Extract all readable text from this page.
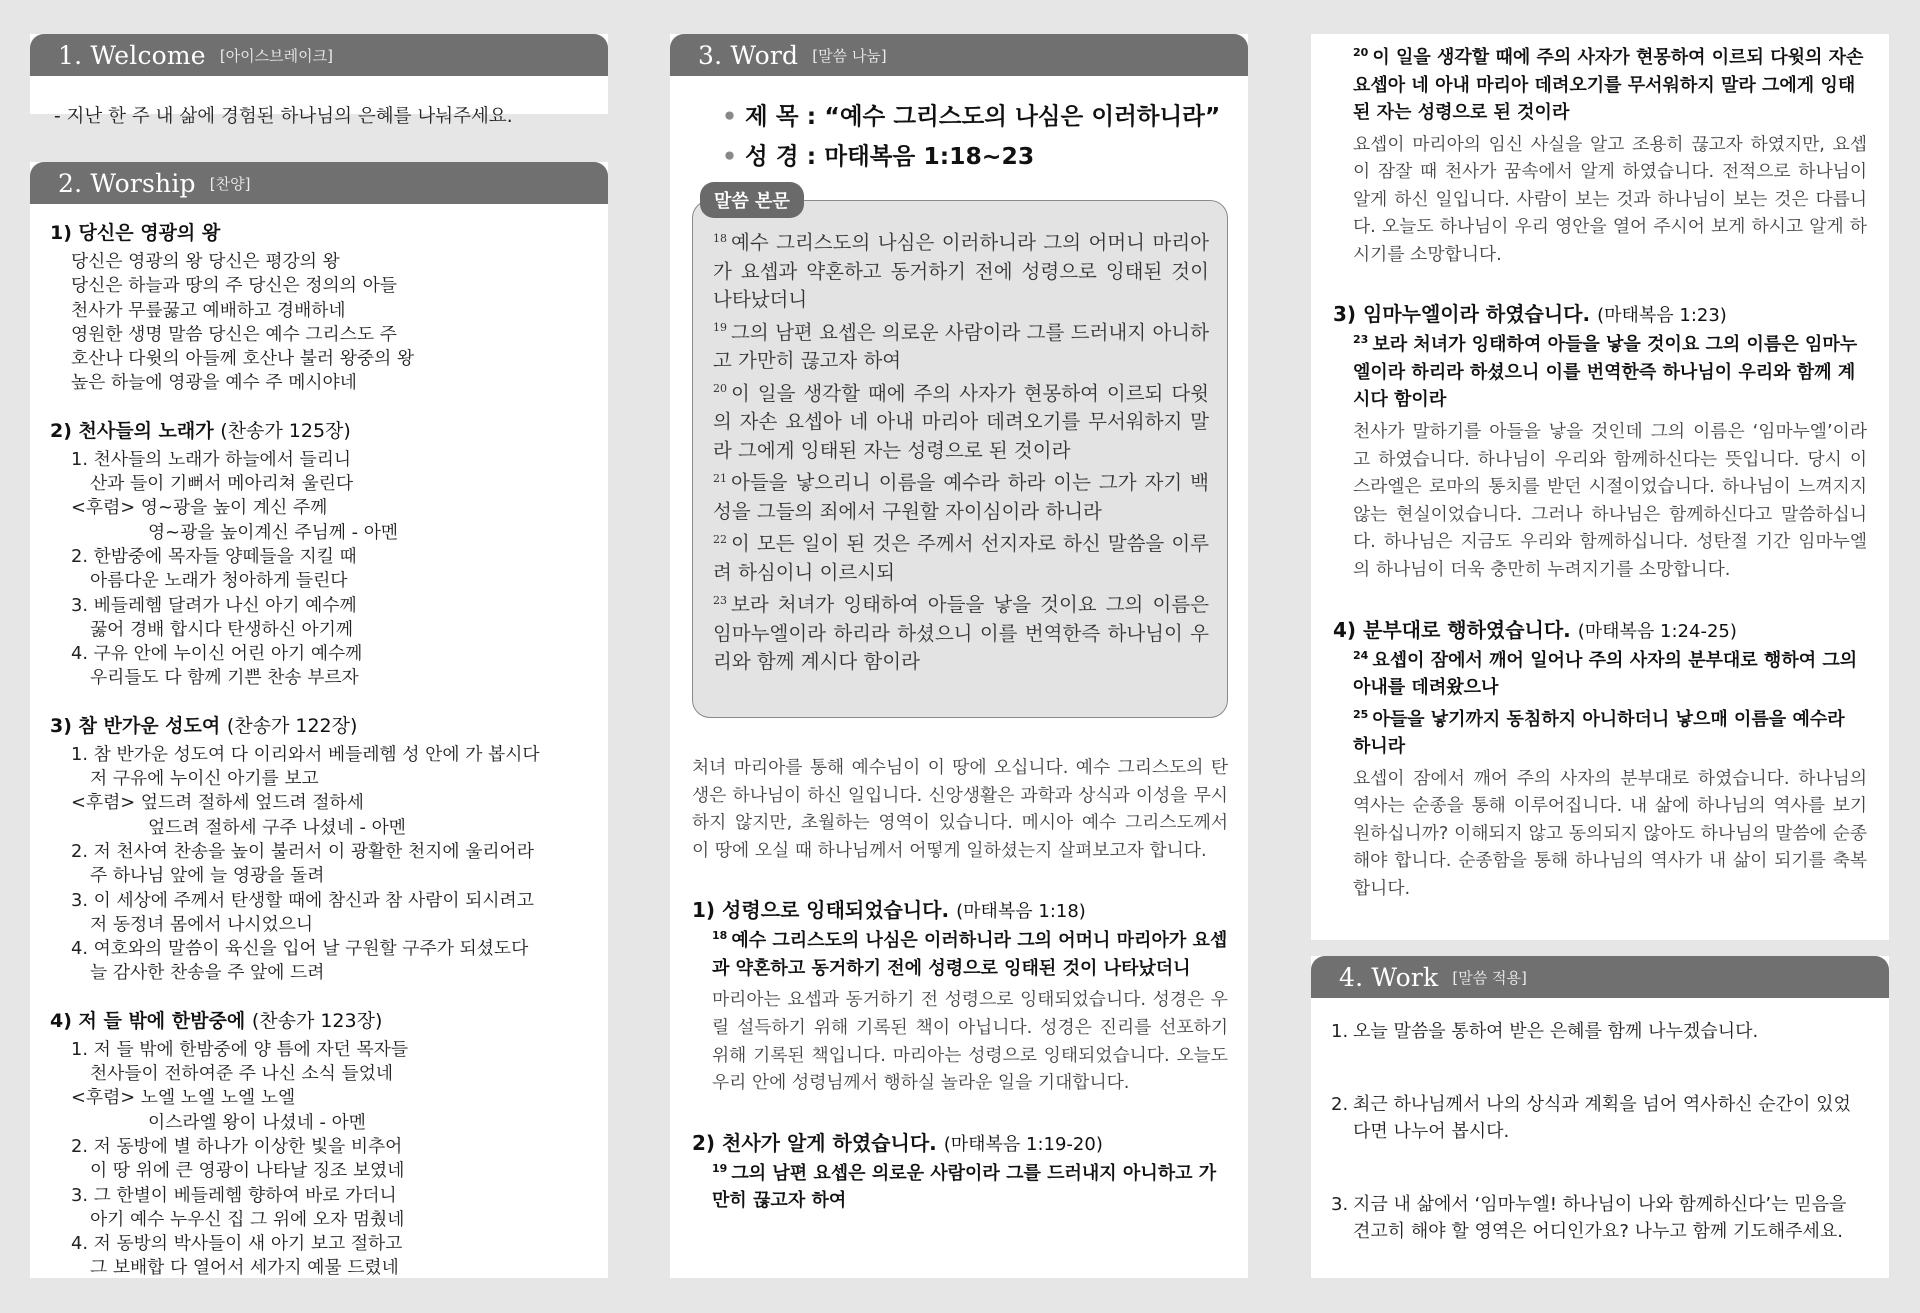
1. Welcome [아이스브레이크]
- 지난 한 주 내 삶에 경험된 하나님의 은혜를 나눠주세요.
2. Worship [찬양]
1) 당신은 영광의 왕
당신은 영광의 왕 당신은 평강의 왕
당신은 하늘과 땅의 주 당신은 정의의 아들
천사가 무릎꿇고 예배하고 경배하네
영원한 생명 말씀 당신은 예수 그리스도 주
호산나 다윗의 아들께 호산나 불러 왕중의 왕
높은 하늘에 영광을 예수 주 메시야네
2) 천사들의 노래가 (찬송가 125장)
1. 천사들의 노래가 하늘에서 들리니
산과 들이 기뻐서 메아리쳐 울린다
<후렴> 영~광을 높이 계신 주께
영~광을 높이계신 주님께 - 아멘
2. 한밤중에 목자들 양떼들을 지킬 때
아름다운 노래가 청아하게 들린다
3. 베들레헴 달려가 나신 아기 예수께
꿇어 경배 합시다 탄생하신 아기께
4. 구유 안에 누이신 어린 아기 예수께
우리들도 다 함께 기쁜 찬송 부르자
3) 참 반가운 성도여 (찬송가 122장)
1. 참 반가운 성도여 다 이리와서 베들레헴 성 안에 가 봅시다
저 구유에 누이신 아기를 보고
<후렴> 엎드려 절하세 엎드려 절하세
엎드려 절하세 구주 나셨네 - 아멘
2. 저 천사여 찬송을 높이 불러서 이 광활한 천지에 울리어라
주 하나님 앞에 늘 영광을 돌려
3. 이 세상에 주께서 탄생할 때에 참신과 참 사람이 되시려고
저 동정녀 몸에서 나시었으니
4. 여호와의 말씀이 육신을 입어 날 구원할 구주가 되셨도다
늘 감사한 찬송을 주 앞에 드려
4) 저 들 밖에 한밤중에 (찬송가 123장)
1. 저 들 밖에 한밤중에 양 틈에 자던 목자들
천사들이 전하여준 주 나신 소식 들었네
<후렴> 노엘 노엘 노엘 노엘
이스라엘 왕이 나셨네 - 아멘
2. 저 동방에 별 하나가 이상한 빛을 비추어
이 땅 위에 큰 영광이 나타날 징조 보였네
3. 그 한별이 베들레헴 향하여 바로 가더니
아기 예수 누우신 집 그 위에 오자 멈췄네
4. 저 동방의 박사들이 새 아기 보고 절하고
그 보배합 다 열어서 세가지 예물 드렸네
3. Word [말씀 나눔]
• 제 목 : “예수 그리스도의 나심은 이러하니라”
• 성 경 : 마태복음 1:18~23
$^{18}$ 예수 그리스도의 나심은 이러하니라 그의 어머니 마리아가 요셉과 약혼하고 동거하기 전에 성령으로 잉태된 것이 나타났더니
$^{19}$ 그의 남편 요셉은 의로운 사람이라 그를 드러내지 아니하고 가만히 끊고자 하여
$^{20}$ 이 일을 생각할 때에 주의 사자가 현몽하여 이르되 다윗의 자손 요셉아 네 아내 마리아 데려오기를 무서워하지 말라 그에게 잉태된 자는 성령으로 된 것이라
$^{21}$ 아들을 낳으리니 이름을 예수라 하라 이는 그가 자기 백성을 그들의 죄에서 구원할 자이심이라 하니라
$^{22}$ 이 모든 일이 된 것은 주께서 선지자로 하신 말씀을 이루려 하심이니 이르시되
$^{23}$ 보라 처녀가 잉태하여 아들을 낳을 것이요 그의 이름은 임마누엘이라 하리라 하셨으니 이를 번역한즉 하나님이 우리와 함께 계시다 함이라
말씀 본문
처녀 마리아를 통해 예수님이 이 땅에 오십니다. 예수 그리스도의 탄생은 하나님이 하신 일입니다. 신앙생활은 과학과 상식과 이성을 무시하지 않지만, 초월하는 영역이 있습니다. 메시아 예수 그리스도께서 이 땅에 오실 때 하나님께서 어떻게 일하셨는지 살펴보고자 합니다.
1) 성령으로 잉태되었습니다. (마태복음 1:18)
$^{18}$ 예수 그리스도의 나심은 이러하니라 그의 어머니 마리아가 요셉과 약혼하고 동거하기 전에 성령으로 잉태된 것이 나타났더니
마리아는 요셉과 동거하기 전 성령으로 잉태되었습니다. 성경은 우릴 설득하기 위해 기록된 책이 아닙니다. 성경은 진리를 선포하기 위해 기록된 책입니다. 마리아는 성령으로 잉태되었습니다. 오늘도 우리 안에 성령님께서 행하실 놀라운 일을 기대합니다.
2) 천사가 알게 하였습니다. (마태복음 1:19-20)
$^{19}$ 그의 남편 요셉은 의로운 사람이라 그를 드러내지 아니하고 가만히 끊고자 하여
$^{20}$ 이 일을 생각할 때에 주의 사자가 현몽하여 이르되 다윗의 자손 요셉아 네 아내 마리아 데려오기를 무서워하지 말라 그에게 잉태된 자는 성령으로 된 것이라
요셉이 마리아의 임신 사실을 알고 조용히 끊고자 하였지만, 요셉이 잠잘 때 천사가 꿈속에서 알게 하였습니다. 전적으로 하나님이 알게 하신 일입니다. 사람이 보는 것과 하나님이 보는 것은 다릅니다. 오늘도 하나님이 우리 영안을 열어 주시어 보게 하시고 알게 하시기를 소망합니다.
3) 임마누엘이라 하였습니다. (마태복음 1:23)
$^{23}$ 보라 처녀가 잉태하여 아들을 낳을 것이요 그의 이름은 임마누엘이라 하리라 하셨으니 이를 번역한즉 하나님이 우리와 함께 계시다 함이라
천사가 말하기를 아들을 낳을 것인데 그의 이름은 ‘임마누엘’이라고 하였습니다. 하나님이 우리와 함께하신다는 뜻입니다. 당시 이스라엘은 로마의 통치를 받던 시절이었습니다. 하나님이 느껴지지 않는 현실이었습니다. 그러나 하나님은 함께하신다고 말씀하십니다. 하나님은 지금도 우리와 함께하십니다. 성탄절 기간 임마누엘의 하나님이 더욱 충만히 누려지기를 소망합니다.
4) 분부대로 행하였습니다. (마태복음 1:24-25)
$^{24}$ 요셉이 잠에서 깨어 일어나 주의 사자의 분부대로 행하여 그의 아내를 데려왔으나
$^{25}$ 아들을 낳기까지 동침하지 아니하더니 낳으매 이름을 예수라 하니라
요셉이 잠에서 깨어 주의 사자의 분부대로 하였습니다. 하나님의 역사는 순종을 통해 이루어집니다. 내 삶에 하나님의 역사를 보기 원하십니까? 이해되지 않고 동의되지 않아도 하나님의 말씀에 순종해야 합니다. 순종함을 통해 하나님의 역사가 내 삶이 되기를 축복합니다.
4. Work [말씀 적용]
1. 오늘 말씀을 통하여 받은 은혜를 함께 나누겠습니다.
2. 최근 하나님께서 나의 상식과 계획을 넘어 역사하신 순간이 있었다면 나누어 봅시다.
3. 지금 내 삶에서 ‘임마누엘! 하나님이 나와 함께하신다’는 믿음을 견고히 해야 할 영역은 어디인가요? 나누고 함께 기도해주세요.
